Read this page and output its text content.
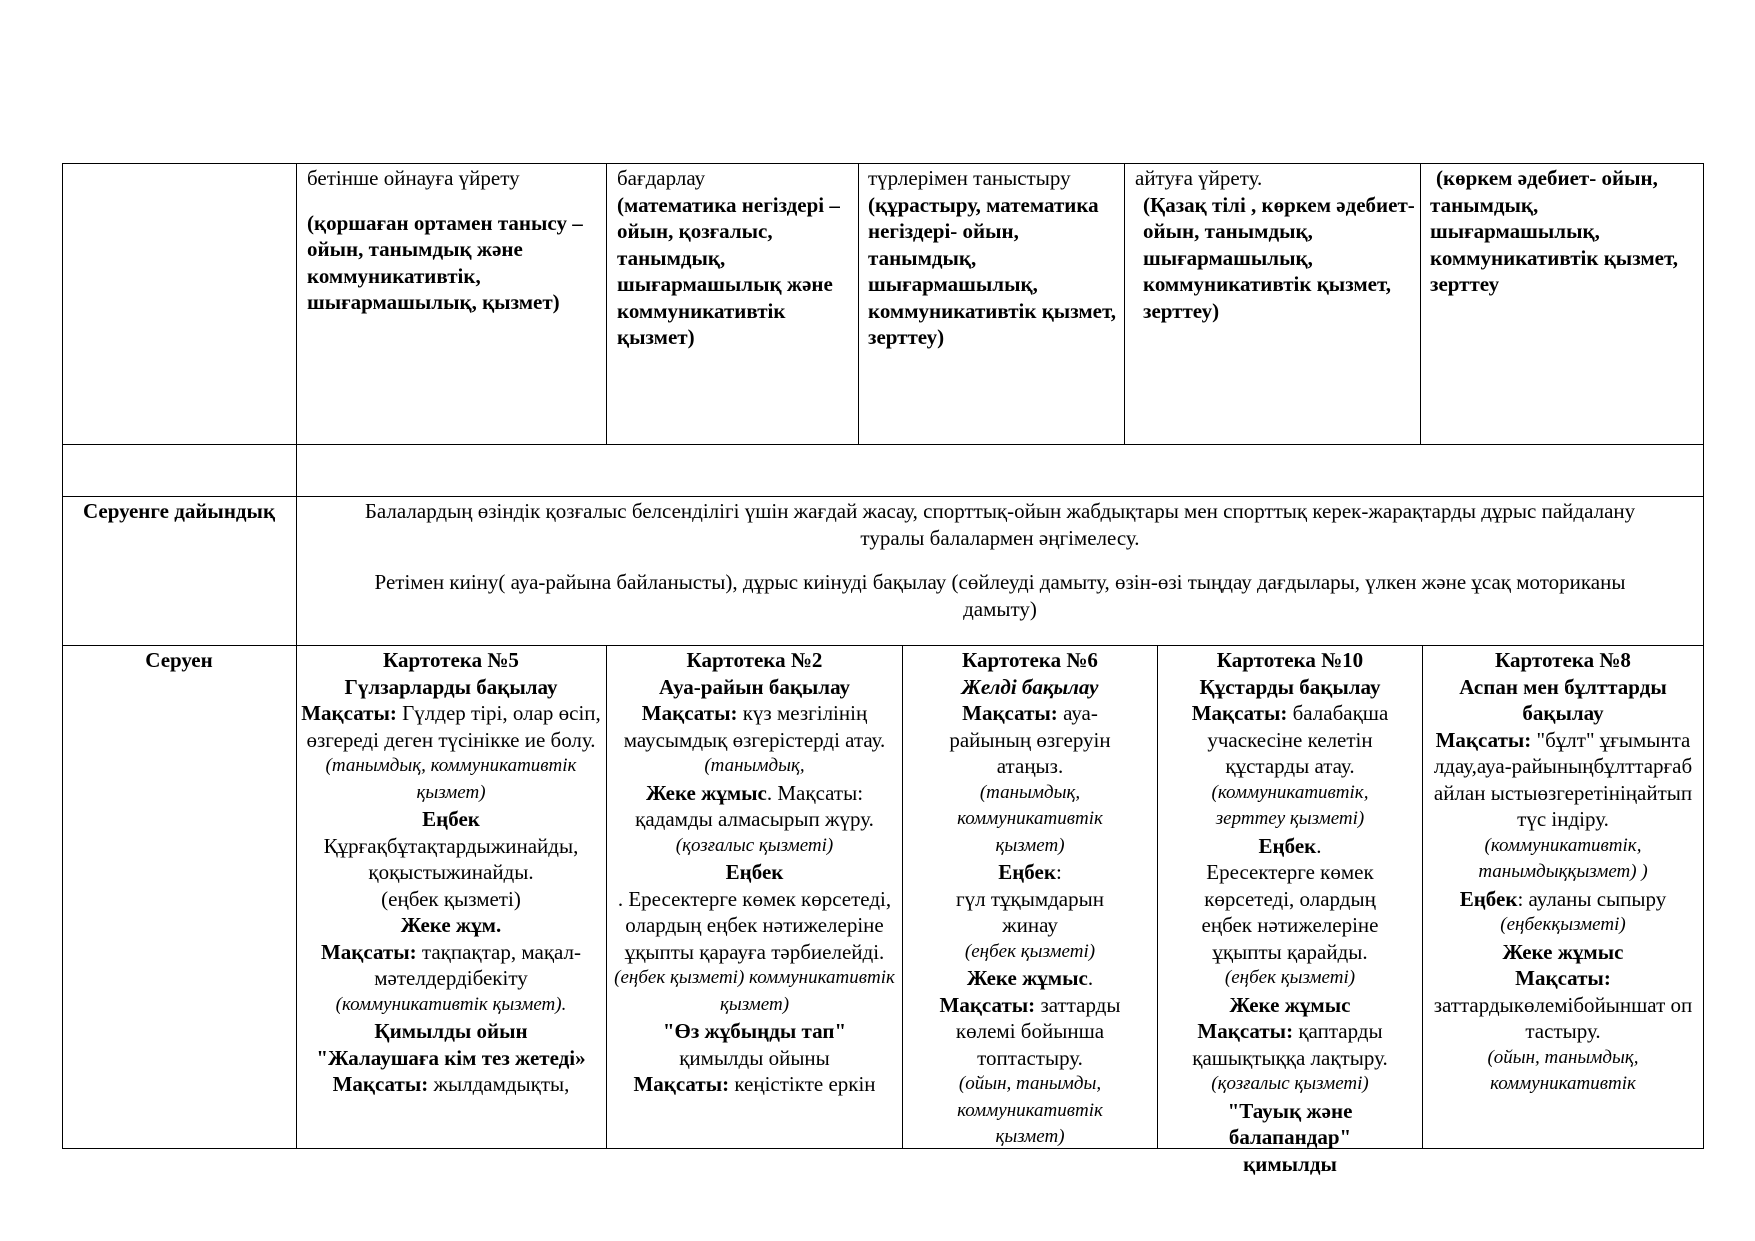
бетінше ойнауға үйрету

(қоршаған ортамен танысу – ойын, танымдық және коммуникативтік, шығармашылық, қызмет)

бағдарлау

(математика негіздері – ойын, қозғалыс, танымдық, шығармашылық және коммуникативтік қызмет)

түрлерімен таныстыру

(құрастыру, математика негіздері- ойын, танымдық, шығармашылық, коммуникативтік қызмет, зерттеу)

айтуға үйрету.

(Қазақ тілі , көркем әдебиет- ойын, танымдық, шығармашылық, коммуникативтік қызмет, зерттеу)

(көркем әдебиет- ойын, танымдық, шығармашылық, коммуникативтік қызмет, зерттеу

Серуенге дайындық	Балалардың өзіндік қозғалыс белсенділігі үшін жағдай жасау, спорттық-ойын жабдықтары мен спорттық керек-жарақтарды дұрыс пайдалану туралы балалармен әңгімелесу.

Ретімен киіну( ауа-райына байланысты), дұрыс киінуді бақылау (сөйлеуді дамыту, өзін-өзі тыңдау дағдылары, үлкен және ұсақ моториканы дамыту)

Серуен	Картотека №5

Гүлзарларды бақылау

Мақсаты: Гүлдер тірі, олар өсіп, өзгереді деген түсінікке ие болу.

(танымдық, коммуникативтік қызмет)

Еңбек

Құрғақбұтақтардыжинайды, қоқыстыжинайды.

(еңбек қызметі)

Жеке жұм.

Мақсаты: тақпақтар, мақал-мәтелдердібекіту

(коммуникативтік қызмет).

Қимылды ойын

"Жалаушаға кім тез жетеді»

Мақсаты: жылдамдықты,

Картотека №2

Ауа-райын бақылау

Мақсаты: күз мезгілінің маусымдық өзгерістерді атау.

(танымдық,

Жеке жұмыс. Мақсаты: қадамды алмасырып жүру.

(қозғалыс қызметі)

Еңбек

. Ересектерге көмек көрсетеді, олардың еңбек нәтижелеріне ұқыпты қарауға тәрбиелейді.

(еңбек қызметі) коммуникативтік қызмет)

"Өз жұбыңды тап"

қимылды ойыны

Мақсаты: кеңістікте еркін

Картотека №6

Желді бақылау

Мақсаты: ауа-райының өзгеруін атаңыз.

(танымдық, коммуникативтік қызмет)

Еңбек:

гүл тұқымдарын жинау

(еңбек қызметі)

Жеке жұмыс.

Мақсаты: заттарды көлемі бойынша топтастыру.

(ойын, танымды, коммуникативтік қызмет)

Картотека №10

Құстарды бақылау

Мақсаты: балабақша учаскесіне келетін құстарды атау.

(коммуникативтік, зерттеу қызметі)

Еңбек.

Ересектерге көмек көрсетеді, олардың еңбек нәтижелеріне ұқыпты қарайды.

(еңбек қызметі)

Жеке жұмыс

Мақсаты: қаптарды қашықтыққа лақтыру.

(қозғалыс қызметі)

"Тауық және балапандар" қимылды

Картотека №8

Аспан мен бұлттарды бақылау

Мақсаты: "бұлт" ұғымынталдау,ауа-райыныңбұлттарғабайлан ыстыөзгеретініңайтыптүс індіру.

(коммуникативтік, танымдыққызмет) )

Еңбек: ауланы сыпыру

(еңбекқызметі)

Жеке жұмыс

Мақсаты:

заттардыкөлемібойыншат оптастыру.

(ойын, танымдық, коммуникативтік
